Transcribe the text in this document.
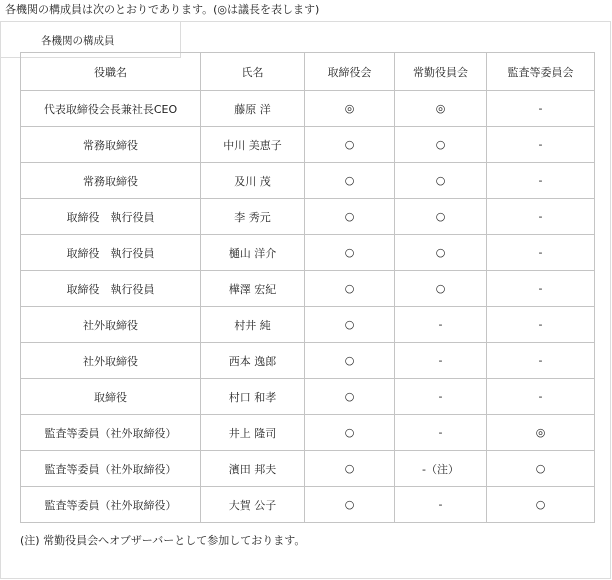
各機関の構成員は次のとおりであります。(◎は議長を表します)
各機関の構成員
役職名	氏名	取締役会	常勤役員会	監査等委員会
代表取締役会長兼社長CEO	藤原 洋	◎	◎	-
常務取締役	中川 美恵子	○	○	-
常務取締役	及川 茂	○	○	-
取締役　執行役員	李 秀元	○	○	-
取締役　執行役員	樋山 洋介	○	○	-
取締役　執行役員	樺澤 宏紀	○	○	-
社外取締役	村井 純	○	-	-
社外取締役	西本 逸郎	○	-	-
取締役	村口 和孝	○	-	-
監査等委員（社外取締役）	井上 隆司	○	-	◎
監査等委員（社外取締役）	濱田 邦夫	○	-（注）	○
監査等委員（社外取締役）	大賀 公子	○	-	○
(注) 常勤役員会へオブザーバーとして参加しております。
